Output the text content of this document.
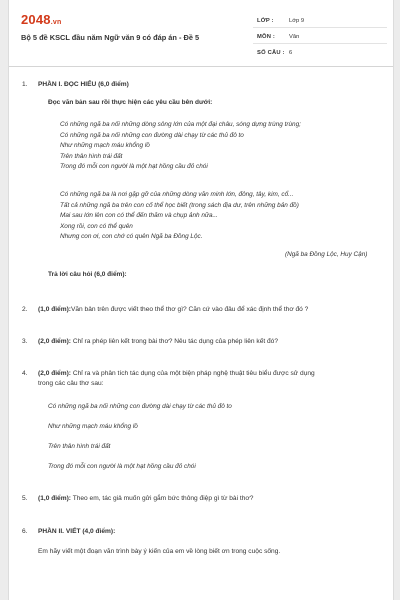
2048.vn
Bộ 5 đề KSCL đầu năm Ngữ văn 9 có đáp án - Đề 5
LỚP :	Lớp 9
MÔN : Văn
SỐ CÂU : 6
1. PHẦN I. ĐỌC HIỂU (6,0 điểm)
Đọc văn bản sau rồi thực hiện các yêu cầu bên dưới:
Có những ngã ba nối những dòng sông lớn của một đại châu, sóng dựng trùng trùng;
Có những ngã ba nối những con đường dài chạy từ các thủ đô to
Như những mạch máu khổng lồ
Trên thân hình trái đất
Trong đó mỗi con người là một hạt hồng cầu đỏ chói
Có những ngã ba là nơi gặp gỡ của những dòng văn minh lớn, đông, tây, kim, cổ...
Tất cả những ngã ba trên con cố thể học biết (trong sách địa dư, trên những bản đồ)
Mai sau lớn lên con có thể đến thăm và chụp ảnh nữa...
Xong rồi, con có thể quên
Nhưng con ơi, con chớ có quên Ngã ba Đồng Lộc.
(Ngã ba Đồng Lộc, Huy Cận)
Trả lời câu hỏi (6,0 điểm):
2. (1,0 điểm):Văn bản trên được viết theo thể thơ gì? Căn cứ vào đâu để xác định thể thơ đó ?
3. (2,0 điểm): Chỉ ra phép liên kết trong bài thơ? Nêu tác dụng của phép liên kết đó?
4. (2,0 điểm): Chỉ ra và phân tích tác dụng của một biện pháp nghệ thuật tiêu biểu được sử dụng
trong các câu thơ sau:
Có những ngã ba nối những con đường dài chạy từ các thủ đô to
Như những mạch máu khổng lồ
Trên thân hình trái đất
Trong đó mỗi con người là một hạt hồng cầu đỏ chói
5. (1,0 điểm): Theo em, tác giả muốn gửi gắm bức thông điệp gì từ bài thơ?
6. PHẦN II. VIẾT (4,0 điểm):
Em hãy viết một đoạn văn trình bày ý kiến của em về lòng biết ơn trong cuộc sống.
